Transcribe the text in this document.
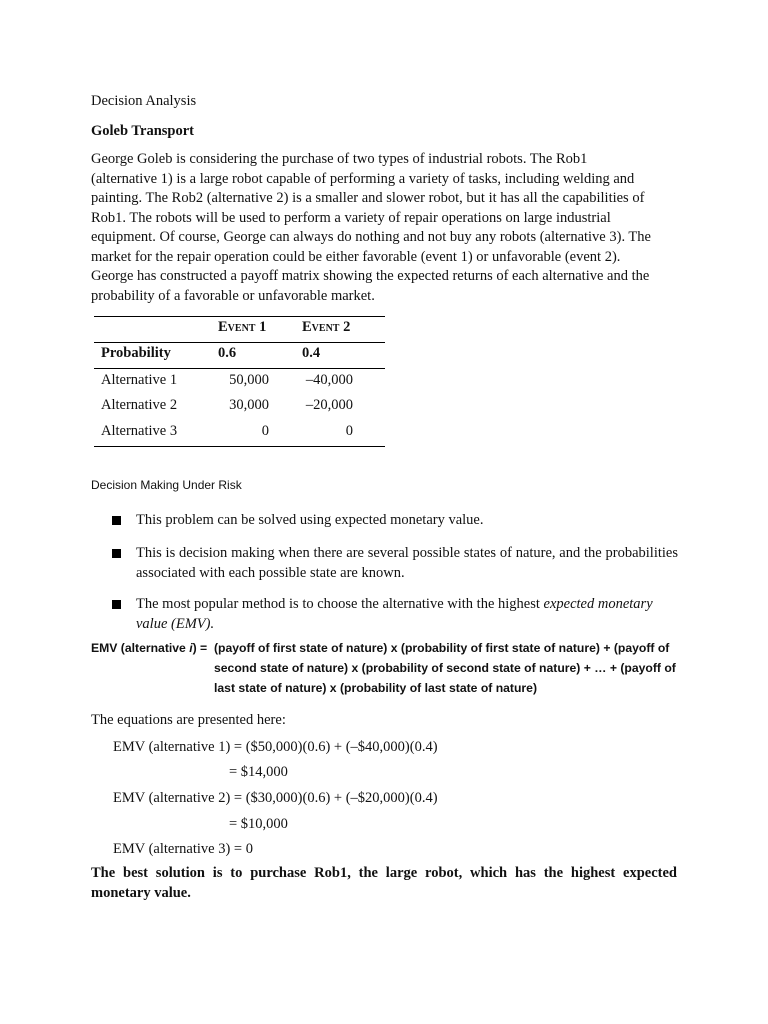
Decision Analysis

Goleb Transport

George Goleb is considering the purchase of two types of industrial robots. The Rob1
(alternative 1) is a large robot capable of performing a variety of tasks, including welding and
painting. The Rob2 (alternative 2) is a smaller and slower robot, but it has all the capabilities of
Rob1. The robots will be used to perform a variety of repair operations on large industrial
equipment. Of course, George can always do nothing and not buy any robots (alternative 3). The
market for the repair operation could be either favorable (event 1) or unfavorable (event 2).
George has constructed a payoff matrix showing the expected returns of each alternative and the
probability of a favorable or unfavorable market.
Event 1 Event 2
Probability	0.6	0.4
Alternative 1	50,000	–40,000
Alternative 2	30,000	–20,000
Alternative 3	0	0

Decision Making Under Risk

This problem can be solved using expected monetary value.
This is decision making when there are several possible states of nature, and the probabilities associated with each possible state are known.
The most popular method is to choose the alternative with the highest expected monetary value (EMV).
EMV (alternative i) = (payoff of first state of nature) x (probability of first state of nature) + (payoff of
second state of nature) x (probability of second state of nature) + … + (payoff of
last state of nature) x (probability of last state of nature)

The equations are presented here:

EMV (alternative 1) = ($50,000)(0.6) + (–$40,000)(0.4)
= $14,000
EMV (alternative 2) = ($30,000)(0.6) + (–$20,000)(0.4)
= $10,000
EMV (alternative 3) = 0

The best solution is to purchase Rob1, the large robot, which has the highest expected monetary value.
